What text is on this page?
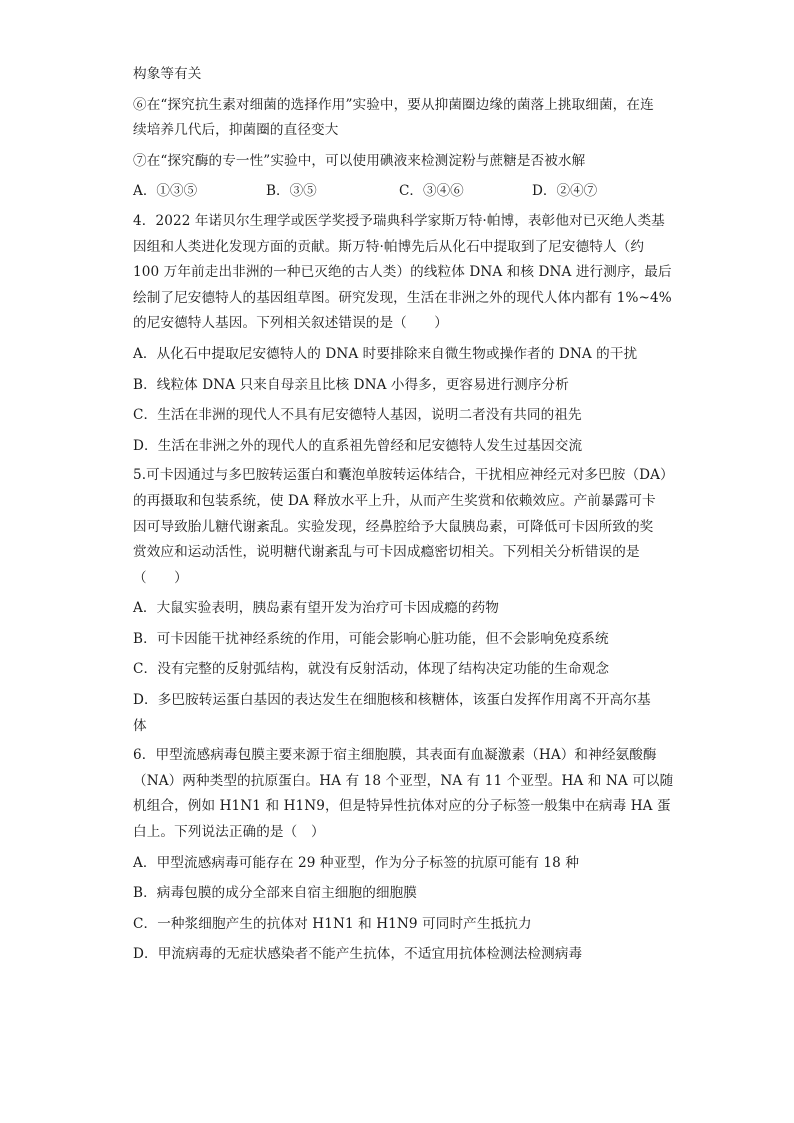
构象等有关
⑥在“探究抗生素对细菌的选择作用”实验中，要从抑菌圈边缘的菌落上挑取细菌，在连
续培养几代后，抑菌圈的直径变大
⑦在“探究酶的专一性”实验中，可以使用碘液来检测淀粉与蔗糖是否被水解
A．①③⑤	B．③⑤	C．③④⑥	D．②④⑦
4．2022 年诺贝尔生理学或医学奖授予瑞典科学家斯万特·帕博，表彰他对已灭绝人类基
因组和人类进化发现方面的贡献。斯万特·帕博先后从化石中提取到了尼安德特人（约
100 万年前走出非洲的一种已灭绝的古人类）的线粒体 DNA 和核 DNA 进行测序，最后
绘制了尼安德特人的基因组草图。研究发现，生活在非洲之外的现代人体内都有 1%~4%
的尼安德特人基因。下列相关叙述错误的是（　　）
A．从化石中提取尼安德特人的 DNA 时要排除来自微生物或操作者的 DNA 的干扰
B．线粒体 DNA 只来自母亲且比核 DNA 小得多，更容易进行测序分析
C．生活在非洲的现代人不具有尼安德特人基因，说明二者没有共同的祖先
D．生活在非洲之外的现代人的直系祖先曾经和尼安德特人发生过基因交流
5.可卡因通过与多巴胺转运蛋白和囊泡单胺转运体结合，干扰相应神经元对多巴胺（DA）
的再摄取和包装系统，使 DA 释放水平上升，从而产生奖赏和依赖效应。产前暴露可卡
因可导致胎儿糖代谢紊乱。实验发现，经鼻腔给予大鼠胰岛素，可降低可卡因所致的奖
赏效应和运动活性，说明糖代谢紊乱与可卡因成瘾密切相关。下列相关分析错误的是
（　　）
A．大鼠实验表明，胰岛素有望开发为治疗可卡因成瘾的药物
B．可卡因能干扰神经系统的作用，可能会影响心脏功能，但不会影响免疫系统
C．没有完整的反射弧结构，就没有反射活动，体现了结构决定功能的生命观念
D．多巴胺转运蛋白基因的表达发生在细胞核和核糖体，该蛋白发挥作用离不开高尔基
体
6．甲型流感病毒包膜主要来源于宿主细胞膜，其表面有血凝激素（HA）和神经氨酸酶
（NA）两种类型的抗原蛋白。HA 有 18 个亚型，NA 有 11 个亚型。HA 和 NA 可以随
机组合，例如 H1N1 和 H1N9，但是特异性抗体对应的分子标签一般集中在病毒 HA 蛋
白上。下列说法正确的是（　）
A．甲型流感病毒可能存在 29 种亚型，作为分子标签的抗原可能有 18 种
B．病毒包膜的成分全部来自宿主细胞的细胞膜
C．一种浆细胞产生的抗体对 H1N1 和 H1N9 可同时产生抵抗力
D．甲流病毒的无症状感染者不能产生抗体，不适宜用抗体检测法检测病毒
